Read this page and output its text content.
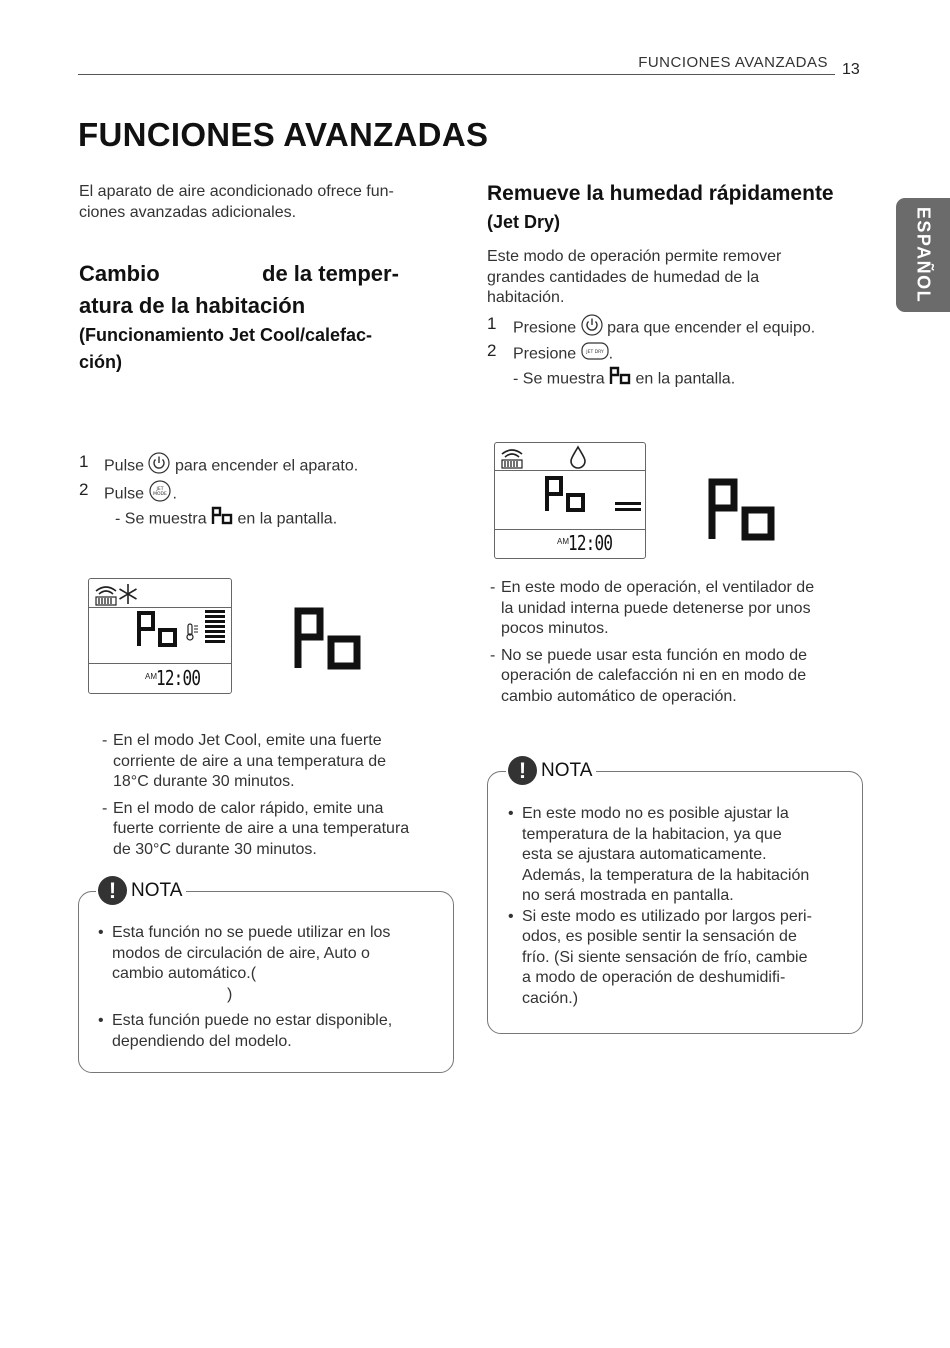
FUNCIONES AVANZADAS 13
ESPAÑOL
FUNCIONES AVANZADAS
El aparato de aire acondicionado ofrece fun-
ciones avanzadas adicionales.
Cambio	de la temper-
atura de la habitación
(Funcionamiento Jet Cool/calefac-
ción)
1 Pulse para encender el aparato.
2 Pulse	JET
MODE .
- Se muestra en la pantalla.
AM 12:00
- En el modo Jet Cool, emite una fuerte
corriente de aire a una temperatura de
18°C durante 30 minutos.
- En el modo de calor rápido, emite una
fuerte corriente de aire a una temperatura
de 30°C durante 30 minutos.
! NOTA
• Esta función no se puede utilizar en los
modos de circulación de aire, Auto o
cambio automático.(
)
• Esta función puede no estar disponible,
dependiendo del modelo.
Remueve la humedad rápidamente
(Jet Dry)
Este modo de operación permite remover
grandes cantidades de humedad de la
habitación.
1 Presione para que encender el equipo.
2 Presione JET DRY .
- Se muestra en la pantalla.
AM 12:00
- En este modo de operación, el ventilador de
la unidad interna puede detenerse por unos
pocos minutos.
- No se puede usar esta función en modo de
operación de calefacción ni en en modo de
cambio automático de operación.
! NOTA
• En este modo no es posible ajustar la
temperatura de la habitacion, ya que
esta se ajustara automaticamente.
Además, la temperatura de la habitación
no será mostrada en pantalla.
• Si este modo es utilizado por largos peri-
odos, es posible sentir la sensación de
frío. (Si siente sensación de frío, cambie
a modo de operación de deshumidifi-
cación.)
